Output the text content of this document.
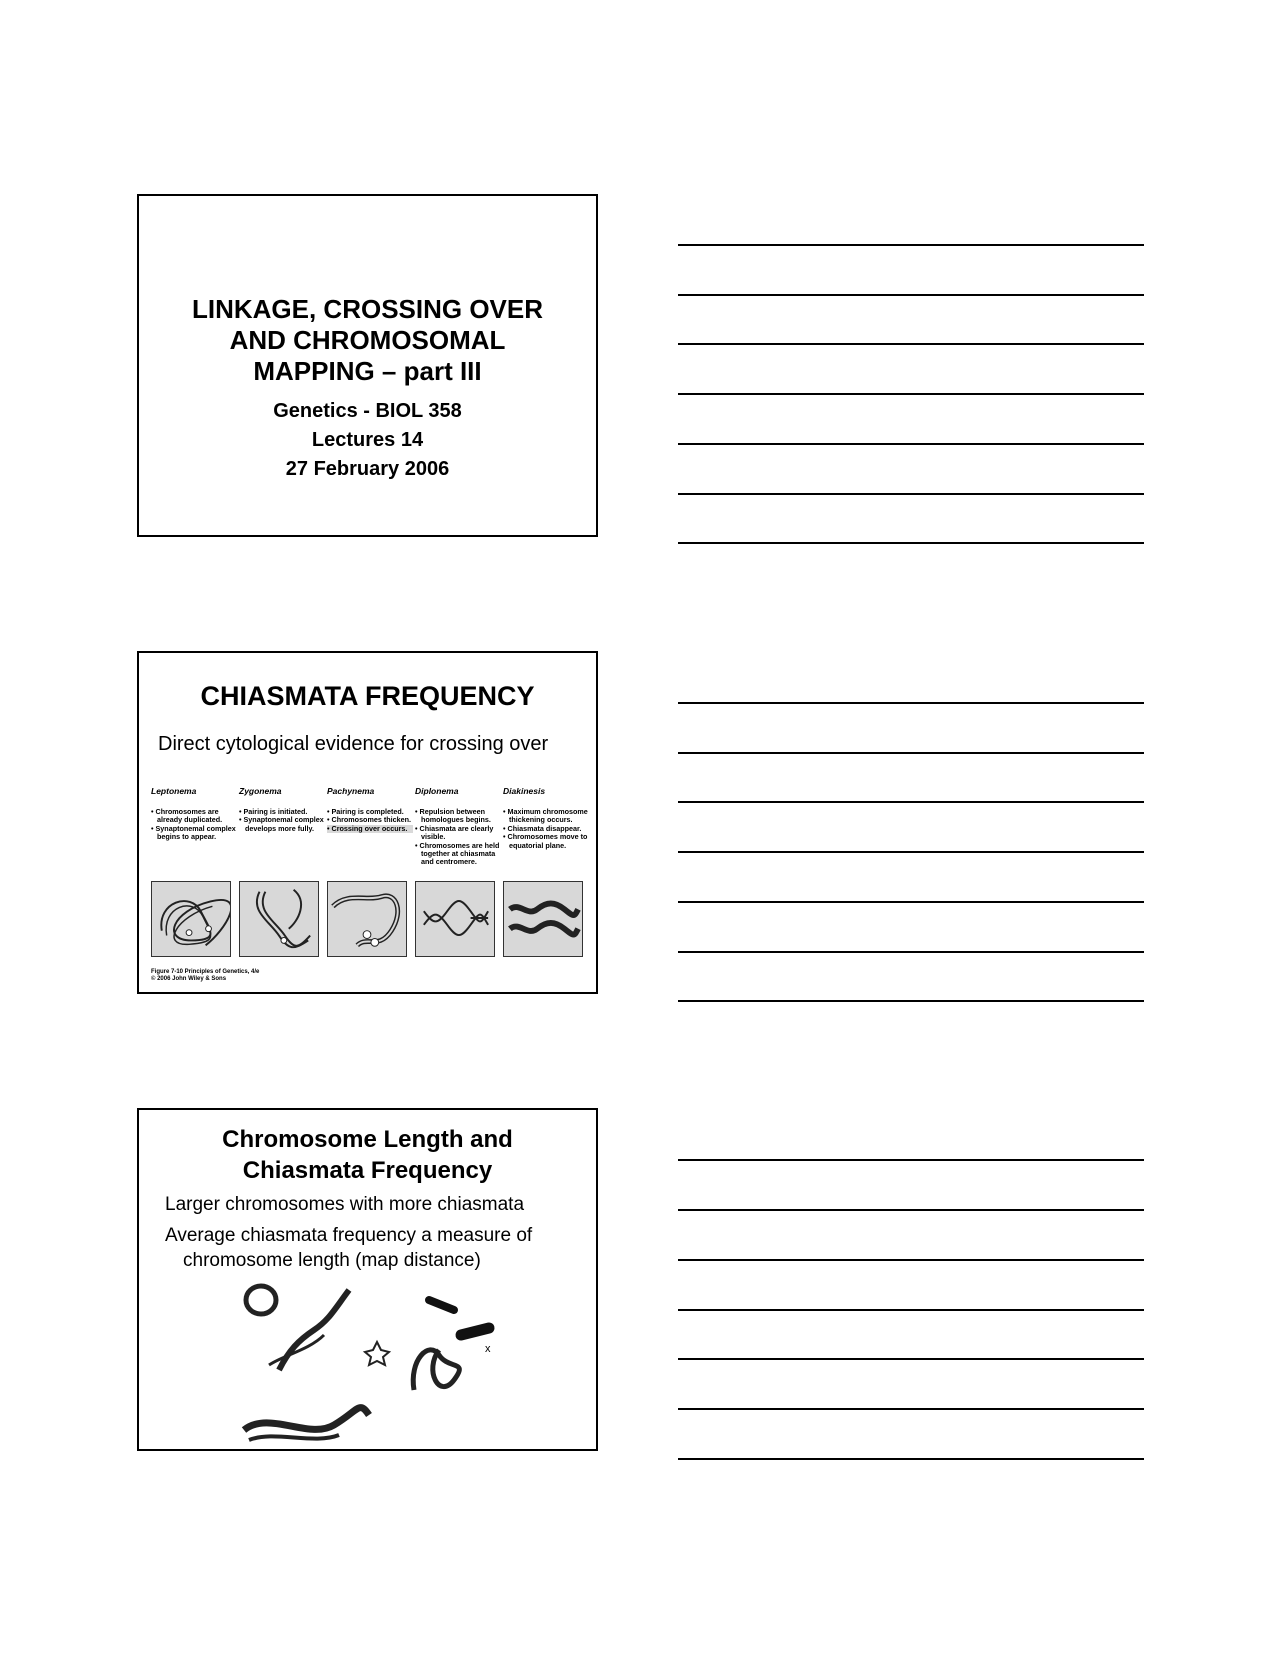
LINKAGE, CROSSING OVER
AND CHROMOSOMAL
MAPPING – part III
Genetics - BIOL 358
Lectures 14
27 February 2006
CHIASMATA FREQUENCY
Direct cytological evidence for crossing over
Leptonema
• Chromosomes are already duplicated.
• Synaptonemal complex begins to appear.
Zygonema
• Pairing is initiated.
• Synaptonemal complex develops more fully.
Pachynema
• Pairing is completed.
• Chromosomes thicken.
• Crossing over occurs.
Diplonema
• Repulsion between homologues begins.
• Chiasmata are clearly visible.
• Chromosomes are held together at chiasmata and centromere.
Diakinesis
• Maximum chromosome thickening occurs.
• Chiasmata disappear.
• Chromosomes move to equatorial plane.
Figure 7-10 Principles of Genetics, 4/e
© 2006 John Wiley & Sons
Chromosome Length and
Chiasmata Frequency
Larger chromosomes with more chiasmata
Average chiasmata frequency a measure of
chromosome length (map distance)
x
